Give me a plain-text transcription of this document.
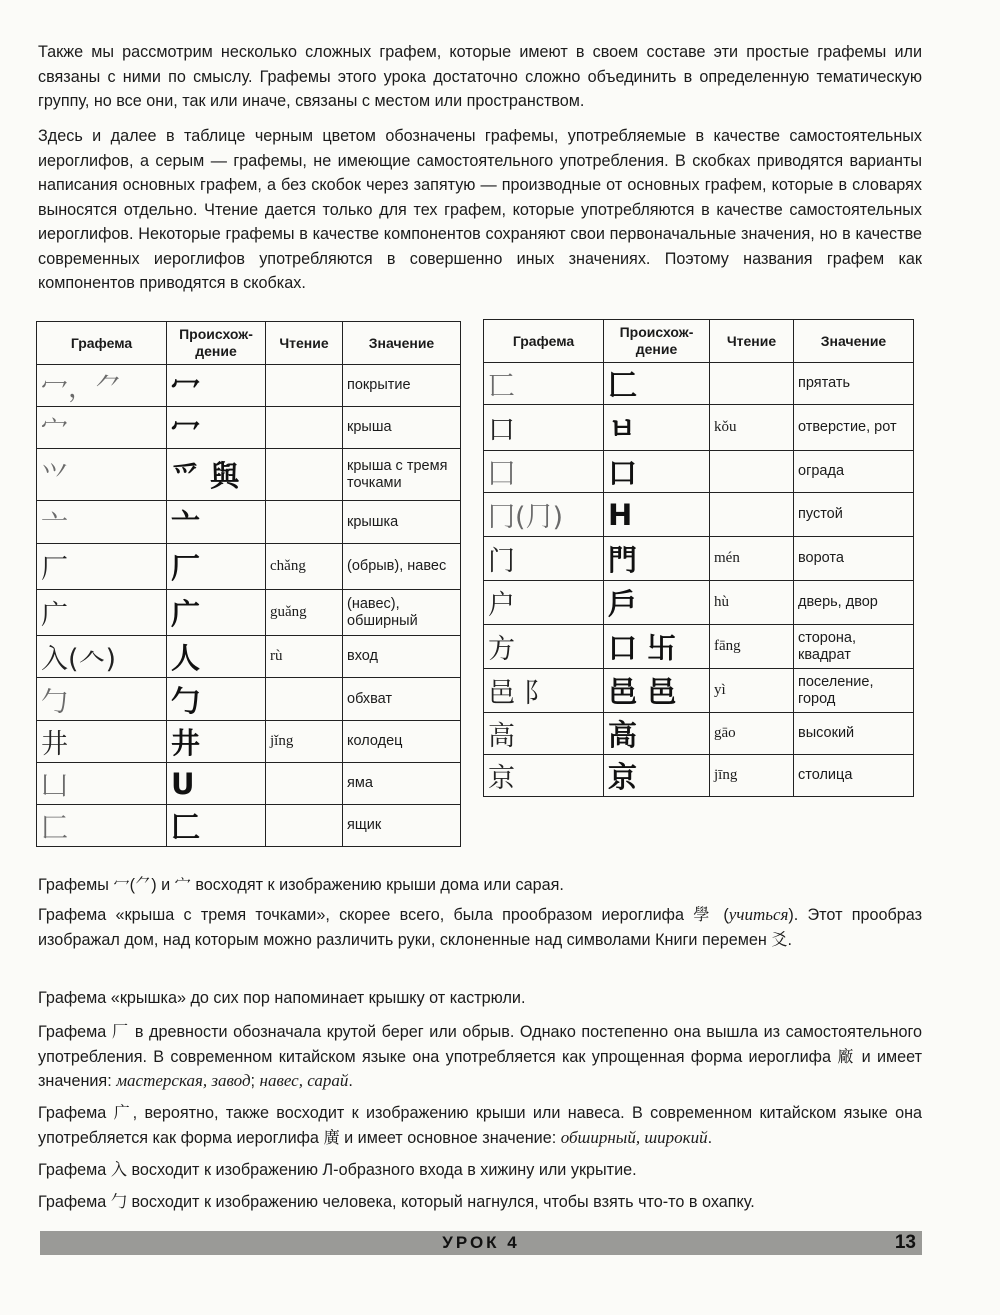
Также мы рассмотрим несколько сложных графем, которые имеют в своем составе эти простые графемы или связаны с ними по смыслу. Графемы этого урока достаточно сложно объединить в определенную тематическую группу, но все они, так или иначе, связаны с местом или пространством.

Здесь и далее в таблице черным цветом обозначены графемы, употребляемые в качестве самостоятельных иероглифов, а серым — графемы, не имеющие самостоятельного употребления. В скобках приводятся варианты написания основных графем, а без скобок через запятую — производные от основных графем, которые в словарях выносятся отдельно. Чтение дается только для тех графем, которые употребляются в качестве самостоятельных иероглифов. Некоторые графемы в качестве компонентов сохраняют свои первоначальные значения, но в качестве современных иероглифов употребляются в совершенно иных значениях. Поэтому названия графем как компонентов приводятся в скобках.

Графема	Происхож-дение	Чтение	Значение
冖，⺈	冖		покрытие
宀	冖		крыша
⺍	爫 與		крыша с тремя точками
亠	亠		крышка
厂	厂	chǎng	(обрыв), навес
广	广	guǎng	(навес), обширный
入(𠆢)	人	rù	вход
勹	勹		обхват
井	井	jǐng	колодец
凵	U		яма
匚	匚		ящик
Графема	Происхож-дение	Чтение	Значение
匸	匚		прятать
口	ㅂ	kǒu	отверстие, рот
囗	口		ограда
冂(⺆)	H		пустой
门	門	mén	ворота
户	戶	hù	дверь, двор
方	口 卐	fāng	сторона, квадрат
邑 阝	邑 邑	yì	поселение, город
高	高	gāo	высокий
京	京	jīng	столица

Графемы 冖(⺈) и 宀 восходят к изображению крыши дома или сарая.

Графема «крыша с тремя точками», скорее всего, была прообразом иероглифа 學 (учиться). Этот прообраз изображал дом, над которым можно различить руки, склоненные над символами Книги перемен 爻.

Графема «крышка» до сих пор напоминает крышку от кастрюли.

Графема 厂 в древности обозначала крутой берег или обрыв. Однако постепенно она вышла из самостоятельного употребления. В современном китайском языке она употребляется как упрощенная форма иероглифа 廠 и имеет значения: мастерская, завод; навес, сарай.

Графема 广, вероятно, также восходит к изображению крыши или навеса. В современном китайском языке она употребляется как форма иероглифа 廣 и имеет основное значение: обширный, широкий.

Графема 入 восходит к изображению Л-образного входа в хижину или укрытие.

Графема 勹 восходит к изображению человека, который нагнулся, чтобы взять что-то в охапку.

УРОК 4	13
